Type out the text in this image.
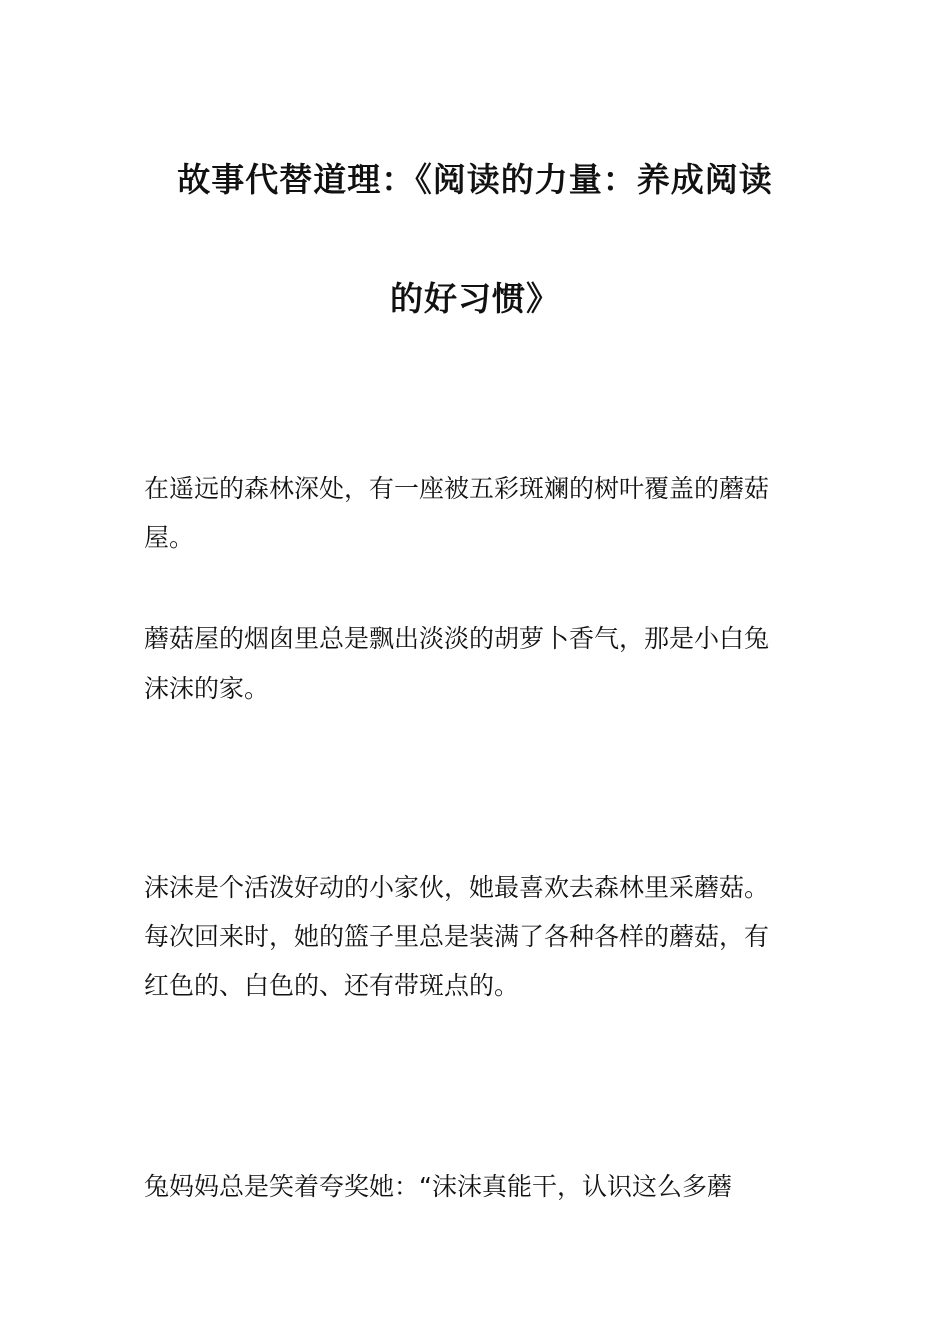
故事代替道理：《阅读的力量：养成阅读
的好习惯》
在遥远的森林深处，有一座被五彩斑斓的树叶覆盖的蘑菇
屋。
蘑菇屋的烟囱里总是飘出淡淡的胡萝卜香气，那是小白兔
沫沫的家。
沫沫是个活泼好动的小家伙，她最喜欢去森林里采蘑菇。
每次回来时，她的篮子里总是装满了各种各样的蘑菇，有
红色的、白色的、还有带斑点的。
兔妈妈总是笑着夸奖她：“沫沫真能干，认识这么多蘑
